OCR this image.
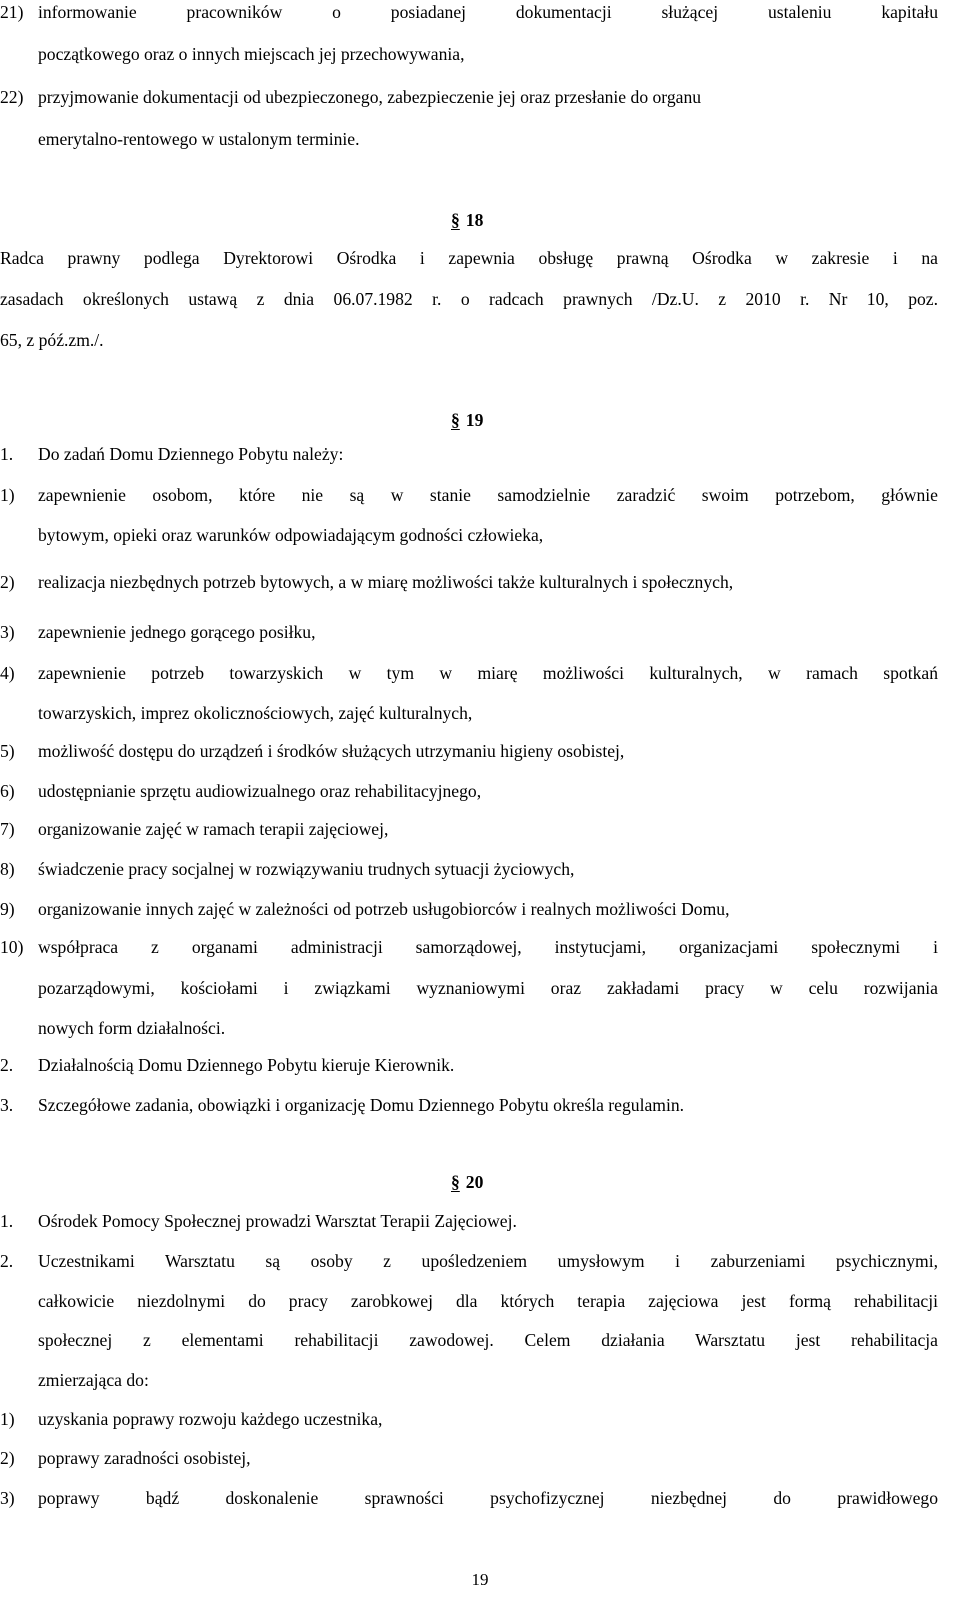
21) informowanie pracowników o posiadanej dokumentacji służącej ustaleniu kapitału
początkowego oraz o innych miejscach jej przechowywania,
22) przyjmowanie dokumentacji od ubezpieczonego, zabezpieczenie jej oraz przesłanie do organu
emerytalno-rentowego w ustalonym terminie.
§ 18
Radca prawny podlega Dyrektorowi Ośrodka i zapewnia obsługę prawną Ośrodka w zakresie i na
zasadach określonych ustawą z dnia 06.07.1982 r. o radcach prawnych /Dz.U. z 2010 r. Nr 10, poz.
65, z póź.zm./.
§ 19
1. Do zadań Domu Dziennego Pobytu należy:
1) zapewnienie osobom, które nie są w stanie samodzielnie zaradzić swoim potrzebom, głównie
bytowym, opieki oraz warunków odpowiadającym godności człowieka,
2) realizacja niezbędnych potrzeb bytowych, a w miarę możliwości także kulturalnych i społecznych,
3) zapewnienie jednego gorącego posiłku,
4) zapewnienie potrzeb towarzyskich w tym w miarę możliwości kulturalnych, w ramach spotkań
towarzyskich, imprez okolicznościowych, zajęć kulturalnych,
5) możliwość dostępu do urządzeń i środków służących utrzymaniu higieny osobistej,
6) udostępnianie sprzętu audiowizualnego oraz rehabilitacyjnego,
7) organizowanie zajęć w ramach terapii zajęciowej,
8) świadczenie pracy socjalnej w rozwiązywaniu trudnych sytuacji życiowych,
9) organizowanie innych zajęć w zależności od potrzeb usługobiorców i realnych możliwości Domu,
10) współpraca z organami administracji samorządowej, instytucjami, organizacjami społecznymi i
pozarządowymi, kościołami i związkami wyznaniowymi oraz zakładami pracy w celu rozwijania
nowych form działalności.
2. Działalnością Domu Dziennego Pobytu kieruje Kierownik.
3. Szczegółowe zadania, obowiązki i organizację Domu Dziennego Pobytu określa regulamin.
§ 20
1. Ośrodek Pomocy Społecznej prowadzi Warsztat Terapii Zajęciowej.
2. Uczestnikami Warsztatu są osoby z upośledzeniem umysłowym i zaburzeniami psychicznymi,
całkowicie niezdolnymi do pracy zarobkowej dla których terapia zajęciowa jest formą rehabilitacji
społecznej z elementami rehabilitacji zawodowej. Celem działania Warsztatu jest rehabilitacja
zmierzająca do:
1) uzyskania poprawy rozwoju każdego uczestnika,
2) poprawy zaradności osobistej,
3) poprawy bądź doskonalenie sprawności psychofizycznej niezbędnej do prawidłowego
19
